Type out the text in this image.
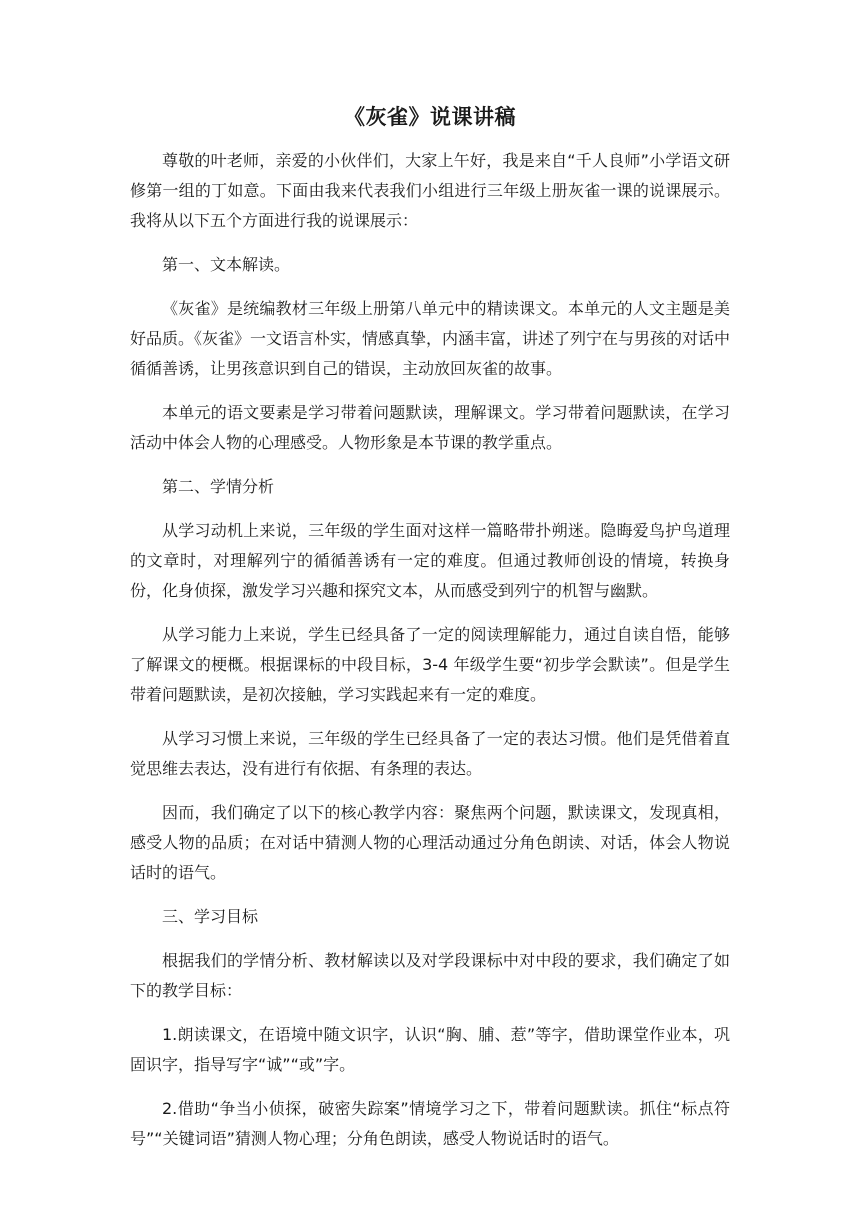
《灰雀》说课讲稿

尊敬的叶老师，亲爱的小伙伴们，大家上午好，我是来自“千人良师”小学语文研修第一组的丁如意。下面由我来代表我们小组进行三年级上册灰雀一课的说课展示。我将从以下五个方面进行我的说课展示：

第一、文本解读。

《灰雀》是统编教材三年级上册第八单元中的精读课文。本单元的人文主题是美好品质。《灰雀》一文语言朴实，情感真挚，内涵丰富，讲述了列宁在与男孩的对话中循循善诱，让男孩意识到自己的错误，主动放回灰雀的故事。

本单元的语文要素是学习带着问题默读，理解课文。学习带着问题默读，在学习活动中体会人物的心理感受。人物形象是本节课的教学重点。

第二、学情分析

从学习动机上来说，三年级的学生面对这样一篇略带扑朔迷。隐晦爱鸟护鸟道理的文章时，对理解列宁的循循善诱有一定的难度。但通过教师创设的情境，转换身份，化身侦探，激发学习兴趣和探究文本，从而感受到列宁的机智与幽默。

从学习能力上来说，学生已经具备了一定的阅读理解能力，通过自读自悟，能够了解课文的梗概。根据课标的中段目标，3-4 年级学生要“初步学会默读”。但是学生带着问题默读，是初次接触，学习实践起来有一定的难度。

从学习习惯上来说，三年级的学生已经具备了一定的表达习惯。他们是凭借着直觉思维去表达，没有进行有依据、有条理的表达。

因而，我们确定了以下的核心教学内容：聚焦两个问题，默读课文，发现真相，感受人物的品质；在对话中猜测人物的心理活动通过分角色朗读、对话，体会人物说话时的语气。

三、学习目标

根据我们的学情分析、教材解读以及对学段课标中对中段的要求，我们确定了如下的教学目标：

1.朗读课文，在语境中随文识字，认识“胸、脯、惹”等字，借助课堂作业本，巩固识字，指导写字“诚”“或”字。

2.借助“争当小侦探，破密失踪案”情境学习之下，带着问题默读。抓住“标点符号”“关键词语”猜测人物心理；分角色朗读，感受人物说话时的语气。
